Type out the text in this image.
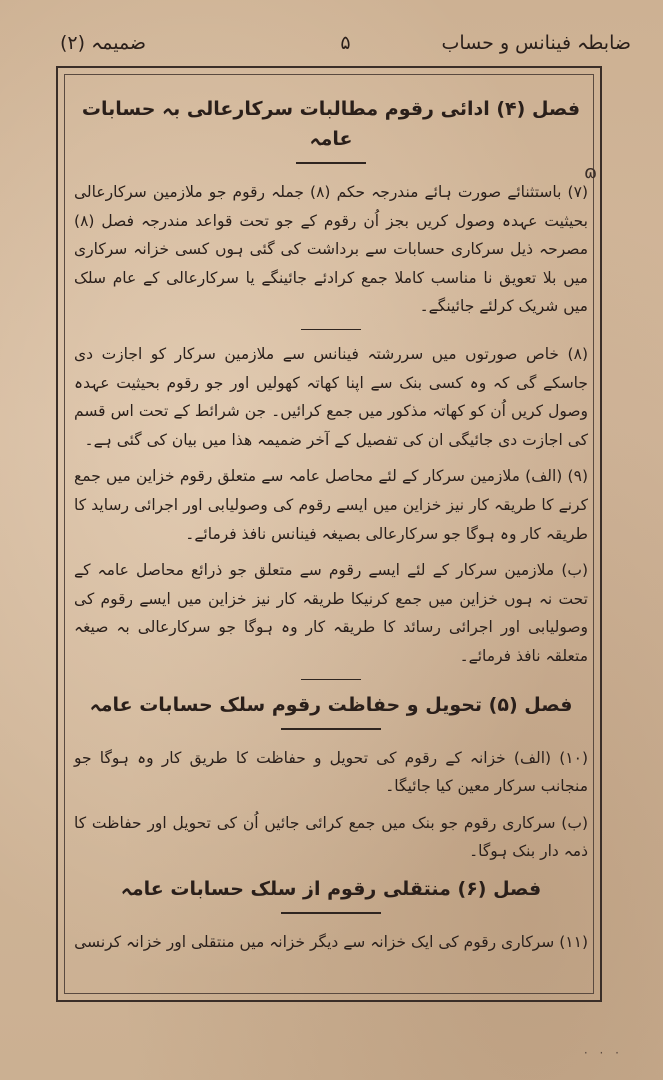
ضابطہ فینانس و حساب
۵
ضمیمہ (۲)
ɷ
فصل (۴) ادائی رقوم مطالبات سرکارعالی بہ حسابات عامہ

(۷) باستثنائے صورت ہائے مندرجہ حکم (۸) جملہ رقوم جو ملازمین سرکارعالی بحیثیت عہدہ وصول کریں بجز اُن رقوم کے جو تحت قواعد مندرجہ فصل (۸) مصرحہ ذیل سرکاری حسابات سے برداشت کی گئی ہوں کسی خزانہ سرکاری میں بلا تعویق نا مناسب کاملا جمع کرادئے جائینگے یا سرکارعالی کے عام سلک میں شریک کرلئے جائینگے۔

(۸) خاص صورتوں میں سررشتہ فینانس سے ملازمین سرکار کو اجازت دی جاسکے گی کہ وہ کسی بنک سے اپنا کھاتہ کھولیں اور جو رقوم بحیثیت عہدہ وصول کریں اُن کو کھاتہ مذکور میں جمع کرائیں۔ جن شرائط کے تحت اس قسم کی اجازت دی جائیگی ان کی تفصیل کے آخر ضمیمہ ھذا میں بیان کی گئی ہے۔

(۹) (الف) ملازمین سرکار کے لئے محاصل عامہ سے متعلق رقوم خزاین میں جمع کرنے کا طریقہ کار نیز خزاین میں ایسے رقوم کی وصولیابی اور اجرائی رساید کا طریقہ کار وہ ہوگا جو سرکارعالی بصیغہ فینانس نافذ فرمائے۔

(ب) ملازمین سرکار کے لئے ایسے رقوم سے متعلق جو ذرائع محاصل عامہ کے تحت نہ ہوں خزاین میں جمع کرنیکا طریقہ کار نیز خزاین میں ایسے رقوم کی وصولیابی اور اجرائی رسائد کا طریقہ کار وہ ہوگا جو سرکارعالی بہ صیغہ متعلقہ نافذ فرمائے۔

فصل (۵) تحویل و حفاظت رقوم سلک حسابات عامہ

(۱۰) (الف) خزانہ کے رقوم کی تحویل و حفاظت کا طریق کار وہ ہوگا جو منجانب سرکار معین کیا جائیگا۔

(ب) سرکاری رقوم جو بنک میں جمع کرائی جائیں اُن کی تحویل اور حفاظت کا ذمہ دار بنک ہوگا۔

فصل (۶) منتقلی رقوم از سلک حسابات عامہ

(۱۱) سرکاری رقوم کی ایک خزانہ سے دیگر خزانہ میں منتقلی اور خزانہ کرنسی

· · ·
